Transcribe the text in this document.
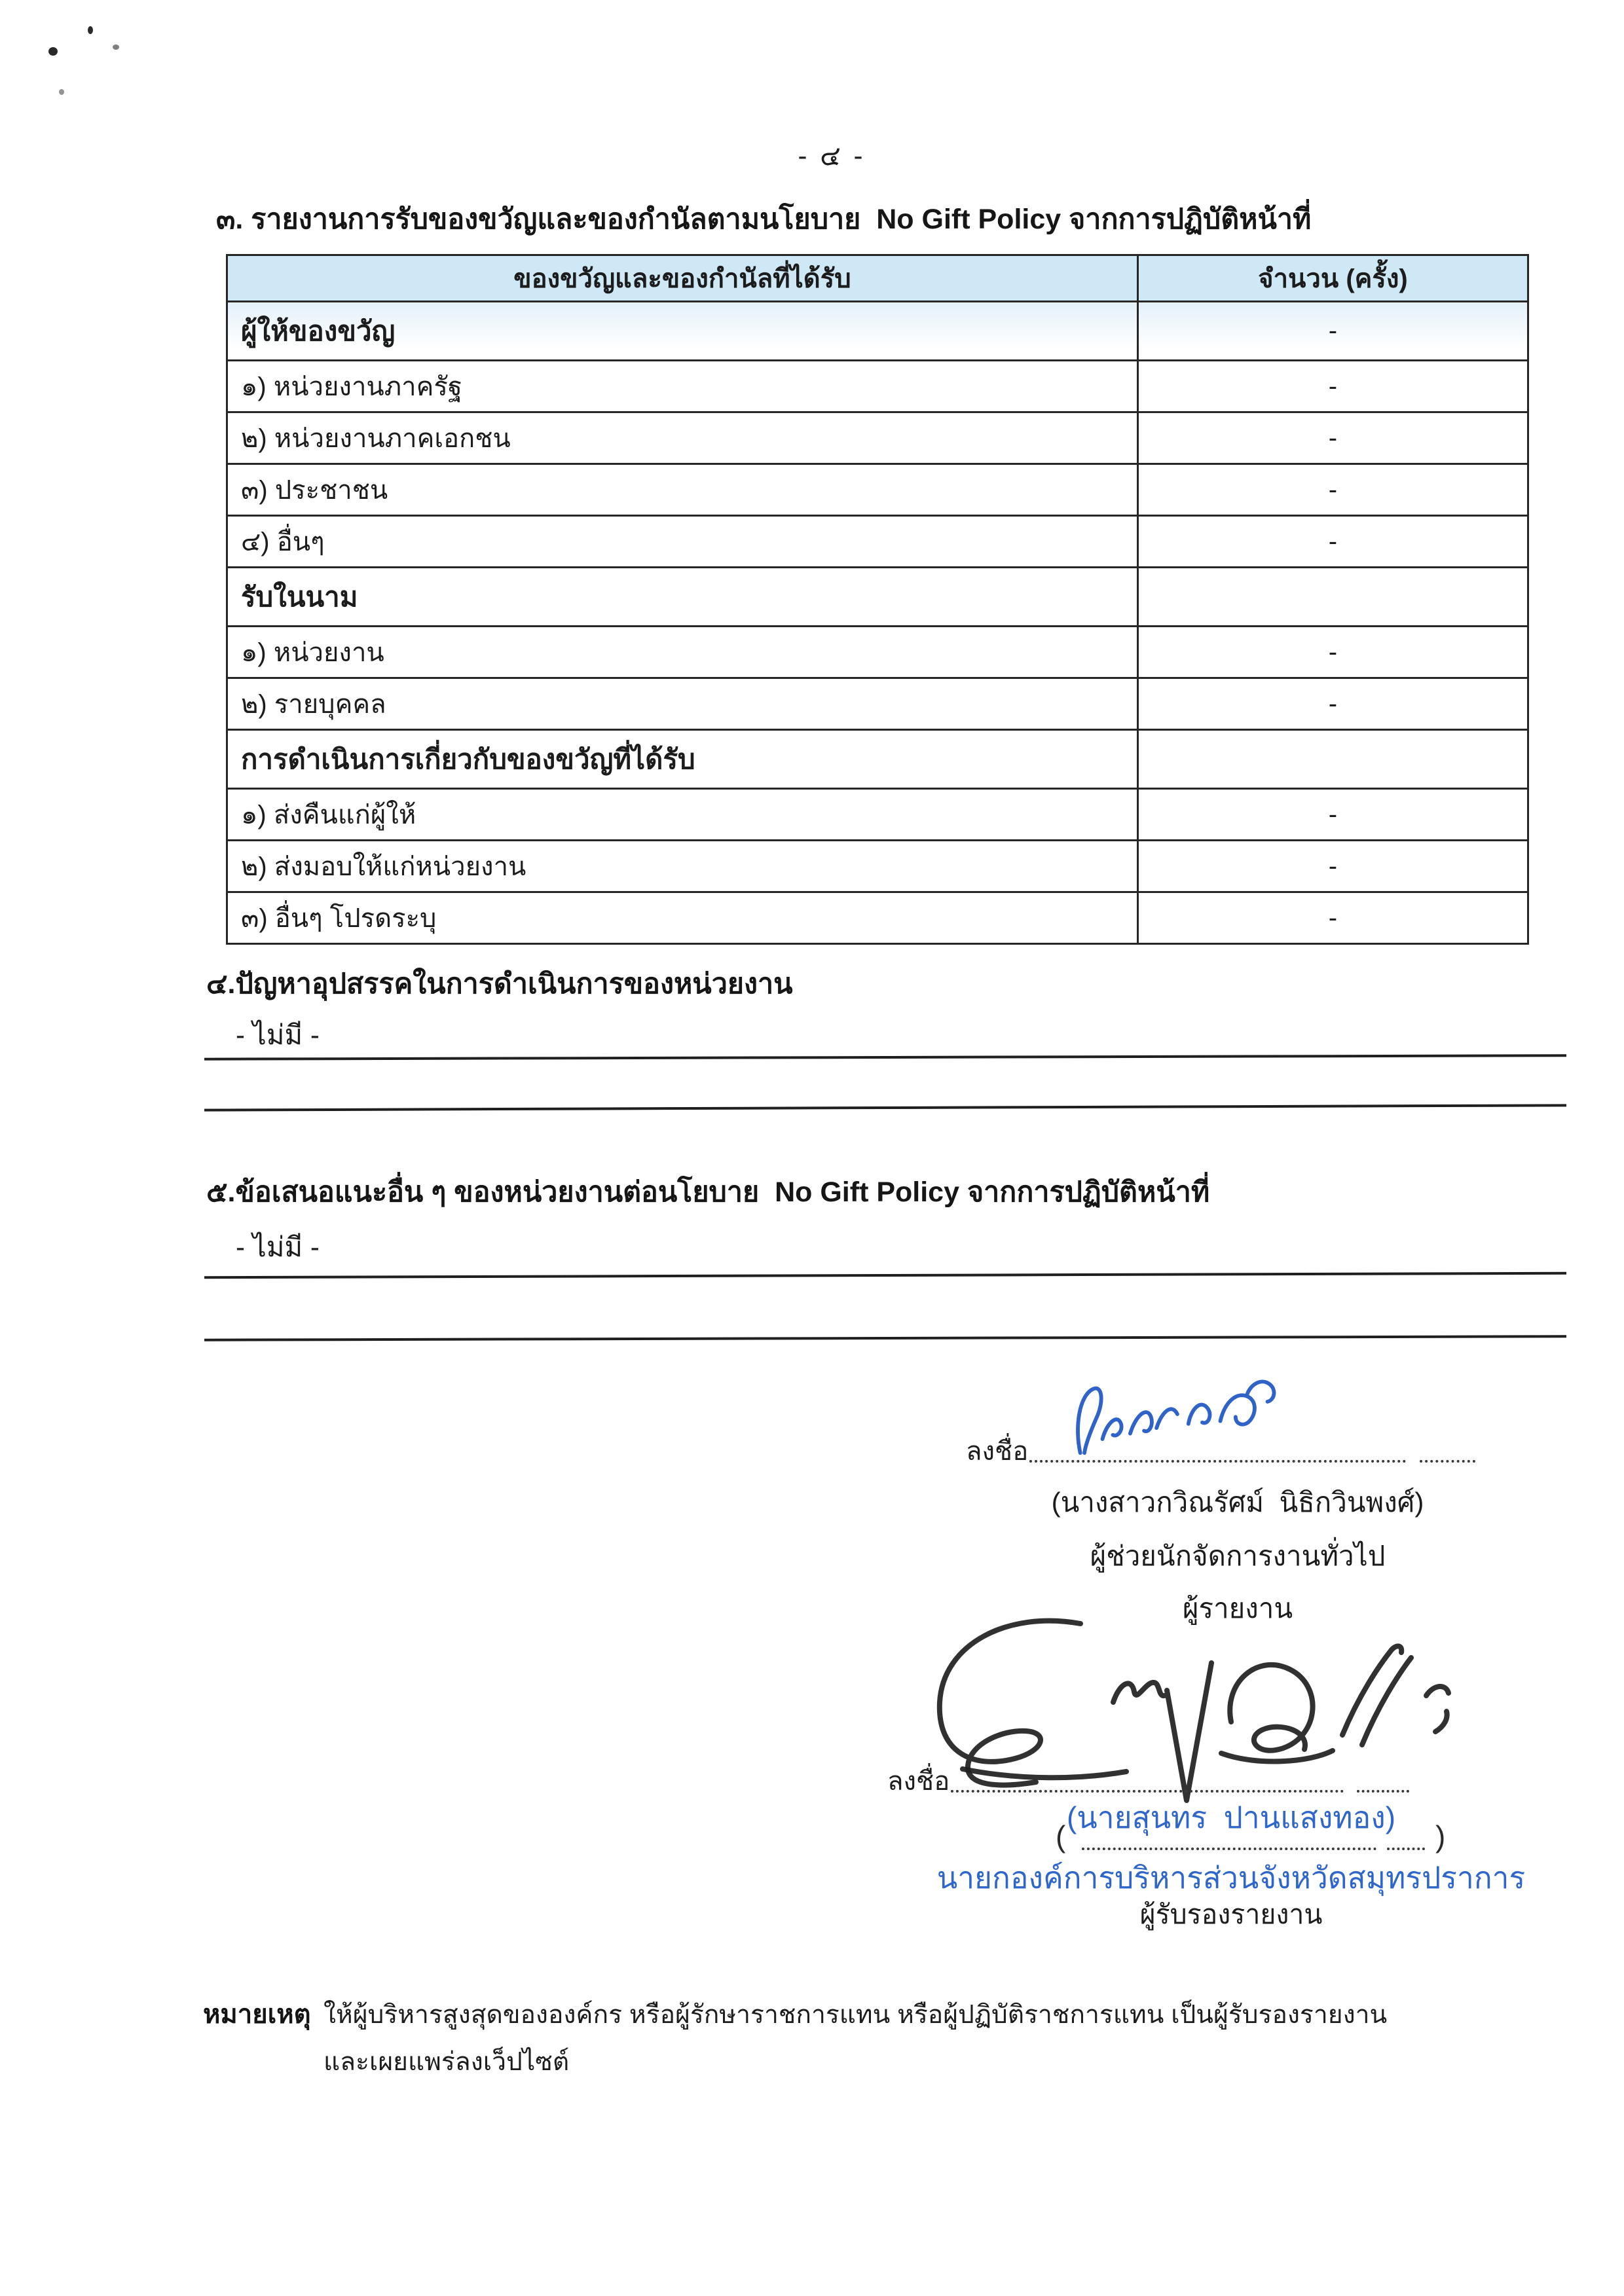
- ๔ -
๓. รายงานการรับของขวัญและของกำนัลตามนโยบาย  No Gift Policy จากการปฏิบัติหน้าที่
ของขวัญและของกำนัลที่ได้รับ	จำนวน (ครั้ง)
ผู้ให้ของขวัญ	-
๑) หน่วยงานภาครัฐ	-
๒) หน่วยงานภาคเอกชน	-
๓) ประชาชน	-
๔) อื่นๆ	-
รับในนาม	
๑) หน่วยงาน	-
๒) รายบุคคล	-
การดำเนินการเกี่ยวกับของขวัญที่ได้รับ	
๑) ส่งคืนแก่ผู้ให้	-
๒) ส่งมอบให้แก่หน่วยงาน	-
๓) อื่นๆ โปรดระบุ	-
๔.ปัญหาอุปสรรคในการดำเนินการของหน่วยงาน
- ไม่มี -
๕.ข้อเสนอแนะอื่น ๆ ของหน่วยงานต่อนโยบาย  No Gift Policy จากการปฏิบัติหน้าที่
- ไม่มี -
ลงชื่อ
(นางสาวกวิณรัศม์  นิธิกวินพงศ์)
ผู้ช่วยนักจัดการงานทั่วไป
ผู้รายงาน
ลงชื่อ
(	)
(นายสุนทร  ปานแสงทอง)
นายกองค์การบริหารส่วนจังหวัดสมุทรปราการ
ผู้รับรองรายงาน
หมายเหตุ ให้ผู้บริหารสูงสุดขององค์กร หรือผู้รักษาราชการแทน หรือผู้ปฏิบัติราชการแทน เป็นผู้รับรองรายงาน
และเผยแพร่ลงเว็ปไซต์
